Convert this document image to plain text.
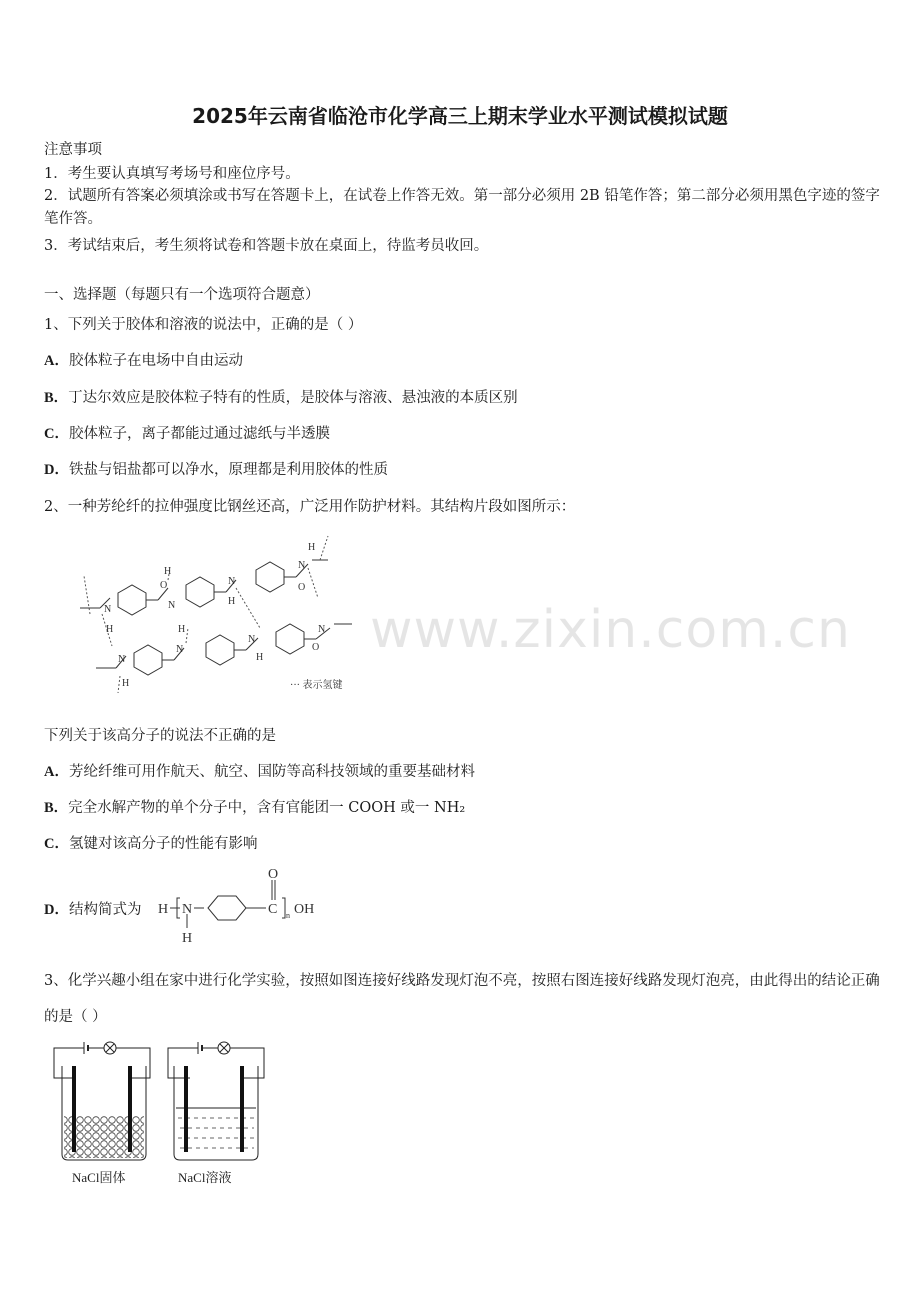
2025年云南省临沧市化学高三上期末学业水平测试模拟试题
注意事项
1．考生要认真填写考场号和座位序号。
2．试题所有答案必须填涂或书写在答题卡上，在试卷上作答无效。第一部分必须用 2B 铅笔作答；第二部分必须用黑色字迹的签字笔作答。
3．考试结束后，考生须将试卷和答题卡放在桌面上，待监考员收回。
一、选择题（每题只有一个选项符合题意）
1、下列关于胶体和溶液的说法中，正确的是（ ）
A．胶体粒子在电场中自由运动
B．丁达尔效应是胶体粒子特有的性质，是胶体与溶液、悬浊液的本质区别
C．胶体粒子，离子都能过通过滤纸与半透膜
D．铁盐与铝盐都可以净水，原理都是利用胶体的性质
2、一种芳纶纤的拉伸强度比钢丝还高，广泛用作防护材料。其结构片段如图所示：
N
H
O
N
H
N
H
N
H
O
N
H
N
H
N
H
N
O
··· 表示氢键
www.zixin.com.cn
下列关于该高分子的说法不正确的是
A．芳纶纤维可用作航天、航空、国防等高科技领域的重要基础材料
B．完全水解产物的单个分子中，含有官能团一 COOH 或一 NH₂
C．氢键对该高分子的性能有影响
D．结构简式为 H N
H
O
C n OH
3、化学兴趣小组在家中进行化学实验，按照如图连接好线路发现灯泡不亮，按照右图连接好线路发现灯泡亮，由此得出的结论正确的是（ ）
NaCl固体	NaCl溶液
